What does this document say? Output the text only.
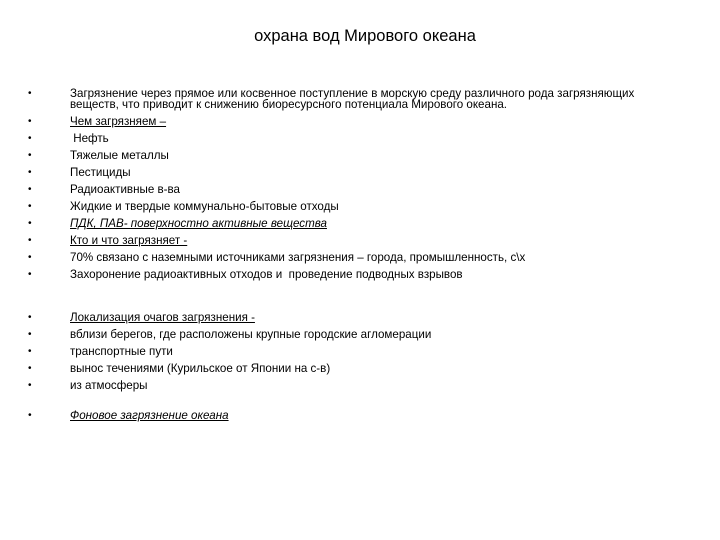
охрана вод Мирового океана
• Загрязнение через прямое или косвенное поступление в морскую среду различного рода загрязняющих веществ, что приводит к снижению биоресурсного потенциала Мирового океана.
• Чем загрязняем –
•  Нефть
• Тяжелые металлы
• Пестициды
• Радиоактивные в-ва
• Жидкие и твердые коммунально-бытовые отходы
• ПДК, ПАВ- поверхностно активные вещества
• Кто и что загрязняет -
• 70% связано с наземными источниками загрязнения – города, промышленность, с\х
• Захоронение радиоактивных отходов и  проведение подводных взрывов
• Локализация очагов загрязнения -
• вблизи берегов, где расположены крупные городские агломерации
• транспортные пути
• вынос течениями (Курильское от Японии на с-в)
• из атмосферы
• Фоновое загрязнение океана
